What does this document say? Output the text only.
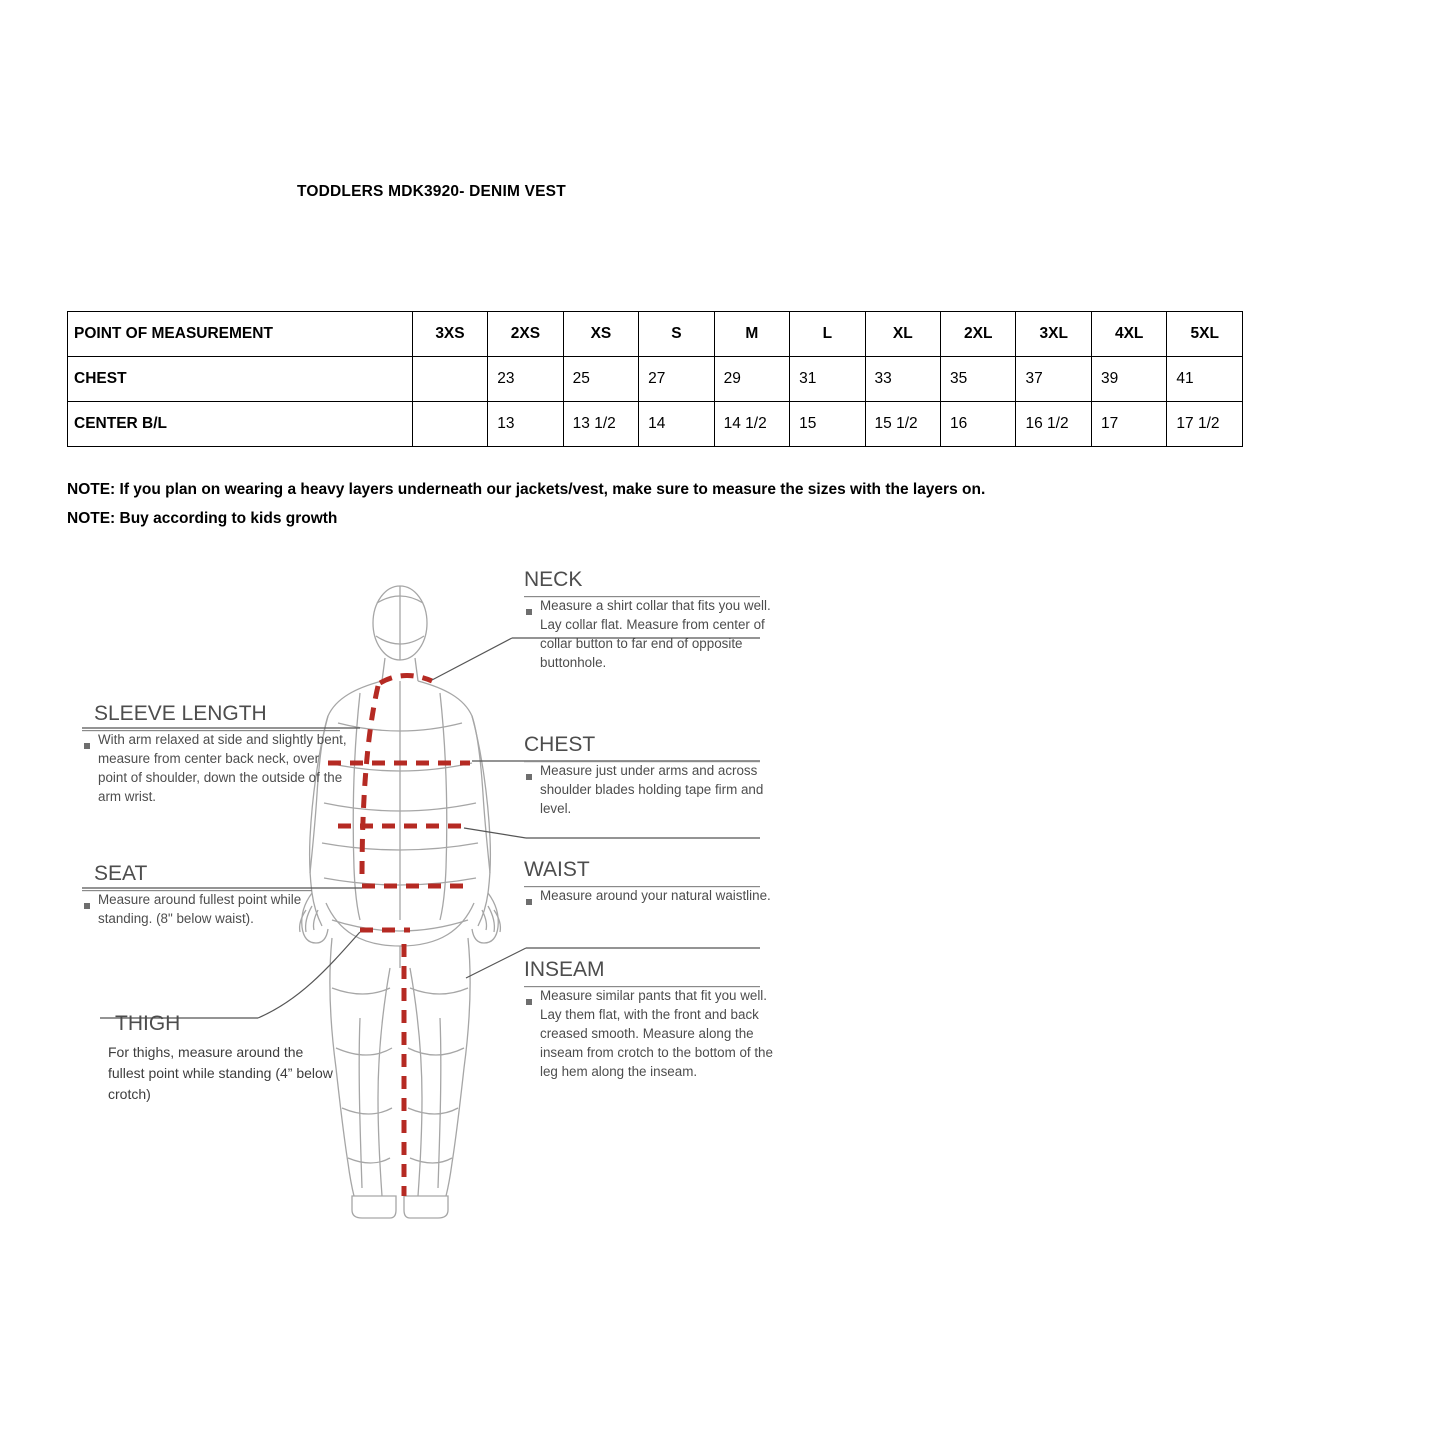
TODDLERS MDK3920- DENIM VEST
POINT OF MEASUREMENT	3XS	2XS	XS	S	M	L	XL	2XL	3XL	4XL	5XL
CHEST		23	25	27	29	31	33	35	37	39	41
CENTER B/L		13	13 1/2	14	14 1/2	15	15 1/2	16	16 1/2	17	17 1/2
NOTE: If you plan on wearing a heavy layers underneath our jackets/vest, make sure to measure the sizes with the layers on.
NOTE: Buy according to kids growth
NECK
Measure a shirt collar that fits you well. Lay collar flat. Measure from center of collar button to far end of opposite buttonhole.
CHEST
Measure just under arms and across shoulder blades holding tape firm and level.
WAIST
Measure around your natural waistline.
INSEAM
Measure similar pants that fit you well. Lay them flat, with the front and back creased smooth. Measure along the inseam from crotch to the bottom of the leg hem along the inseam.
SLEEVE LENGTH
With arm relaxed at side and slightly bent, measure from center back neck, over point of shoulder, down the outside of the arm wrist.
SEAT
Measure around fullest point while standing. (8" below waist).
THIGH
For thighs, measure around the fullest point while standing (4” below crotch)
